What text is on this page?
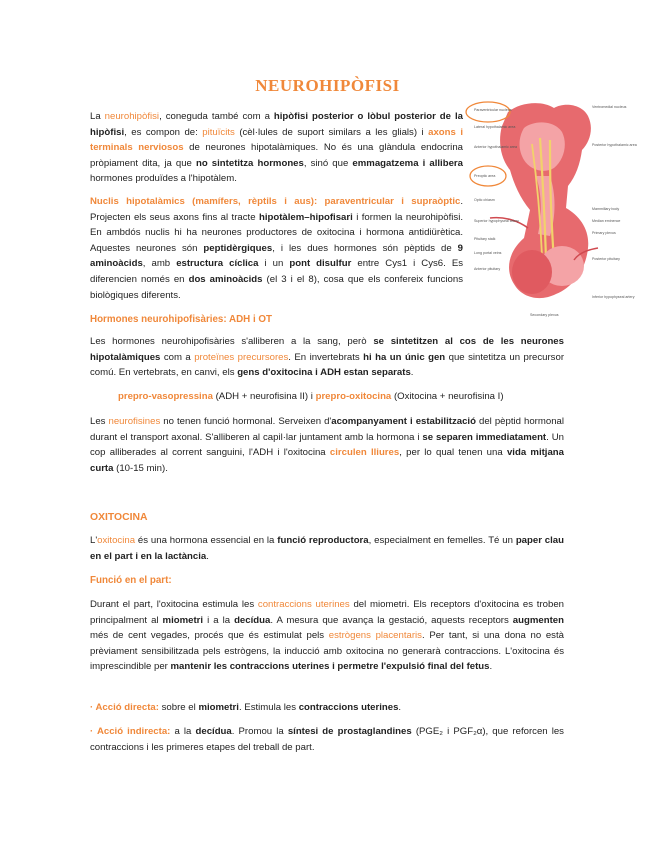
NEUROHIPÒFISI
La neurohipòfisi, coneguda també com a hipòfisi posterior o lòbul posterior de la hipòfisi, es compon de: pituïcits (cèl·lules de suport similars a les glials) i axons i terminals nerviosos de neurones hipotalàmiques. No és una glàndula endocrina pròpiament dita, ja que no sintetitza hormones, sinó que emmagatzema i allibera hormones produïdes a l'hipotàlem.
Nuclis hipotalàmics (mamífers, rèptils i aus): paraventricular i supraòptic. Projecten els seus axons fins al tracte hipotàlem–hipofisari i formen la neurohipòfisi. En ambdós nuclis hi ha neurones productores de oxitocina i hormona antidiürètica. Aquestes neurones són peptidèrgiques, i les dues hormones són pèptids de 9 aminoàcids, amb estructura cíclica i un pont disulfur entre Cys1 i Cys6. Es diferencien només en dos aminoàcids (el 3 i el 8), cosa que els confereix funcions biològiques diferents.
Hormones neurohipofisàries: ADH i OT
Les hormones neurohipofisàries s'alliberen a la sang, però se sintetitzen al cos de les neurones hipotalàmiques com a proteïnes precursores. En invertebrats hi ha un únic gen que sintetitza un precursor comú. En vertebrats, en canvi, els gens d'oxitocina i ADH estan separats.
prepro-vasopressina (ADH + neurofisina II) i prepro-oxitocina (Oxitocina + neurofisina I)
Les neurofisines no tenen funció hormonal. Serveixen d'acompanyament i estabilització del pèptid hormonal durant el transport axonal. S'alliberen al capil·lar juntament amb la hormona i se separen immediatament. Un cop alliberades al corrent sanguini, l'ADH i l'oxitocina circulen lliures, per lo qual tenen una vida mitjana curta (10-15 min).
OXITOCINA
L'oxitocina és una hormona essencial en la funció reproductora, especialment en femelles. Té un paper clau en el part i en la lactància.
Funció en el part:
Durant el part, l'oxitocina estimula les contraccions uterines del miometri. Els receptors d'oxitocina es troben principalment al miometri i a la decídua. A mesura que avança la gestació, aquests receptors augmenten més de cent vegades, procés que és estimulat pels estrògens placentaris. Per tant, si una dona no està prèviament sensibilitzada pels estrògens, la inducció amb oxitocina no generarà contraccions. L'oxitocina és imprescindible per mantenir les contraccions uterines i permetre l'expulsió final del fetus.
· Acció directa: sobre el miometri. Estimula les contraccions uterines.
· Acció indirecta: a la decídua. Promou la síntesi de prostaglandines (PGE₂ i PGF₂α), que reforcen les contraccions i les primeres etapes del treball de part.
Paraventricular nucleus
Lateral hypothalamic area
Anterior hypothalamic area
Preoptic area
Optic chiasm
Superior hypophyseal artery
Pituitary stalk
Long portal veins
Anterior pituitary
Ventromedial nucleus
Posterior hypothalamic area
Mammillary body
Median eminence
Primary plexus
Posterior pituitary
Inferior hypophyseal artery
Secondary plexus
